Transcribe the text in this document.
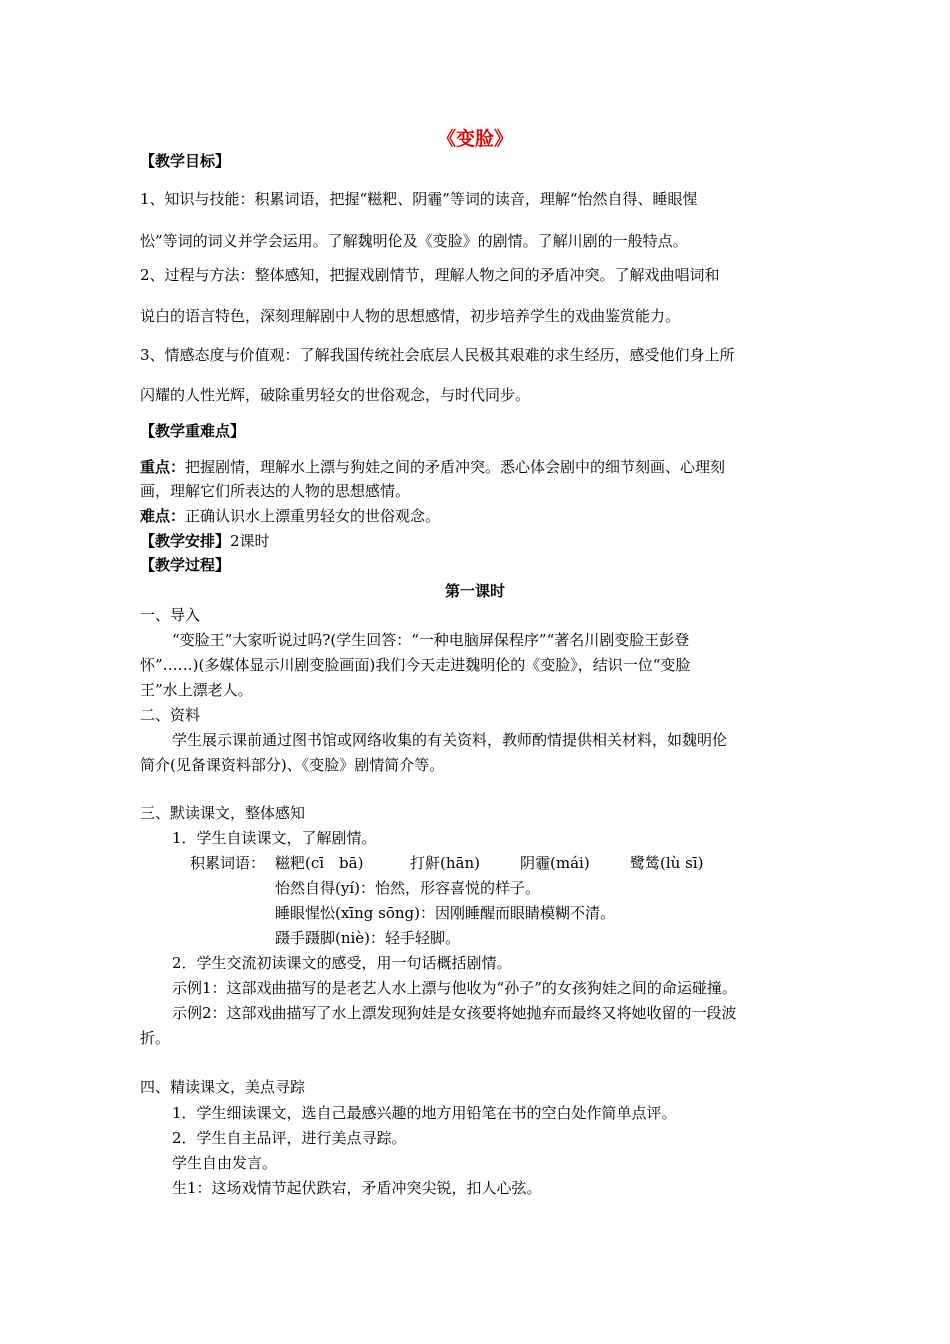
《变脸》
【教学目标】
1、知识与技能：积累词语，把握“糍粑、阴霾”等词的读音，理解“怡然自得、睡眼惺
忪”等词的词义并学会运用。了解魏明伦及《变脸》的剧情。了解川剧的一般特点。
2、过程与方法：整体感知，把握戏剧情节，理解人物之间的矛盾冲突。了解戏曲唱词和
说白的语言特色，深刻理解剧中人物的思想感情，初步培养学生的戏曲鉴赏能力。
3、情感态度与价值观：了解我国传统社会底层人民极其艰难的求生经历，感受他们身上所
闪耀的人性光辉，破除重男轻女的世俗观念，与时代同步。
【教学重难点】
重点：把握剧情，理解水上漂与狗娃之间的矛盾冲突。悉心体会剧中的细节刻画、心理刻
画，理解它们所表达的人物的思想感情。
难点：正确认识水上漂重男轻女的世俗观念。
【教学安排】2课时
【教学过程】
第一课时
一、导入
“变脸王”大家听说过吗?(学生回答：“一种电脑屏保程序”“著名川剧变脸王彭登
怀”……)(多媒体显示川剧变脸画面)我们今天走进魏明伦的《变脸》，结识一位“变脸
王”水上漂老人。
二、资料
学生展示课前通过图书馆或网络收集的有关资料，教师酌情提供相关材料，如魏明伦
简介(见备课资料部分)、《变脸》剧情简介等。
三、默读课文，整体感知
1．学生自读课文，了解剧情。
积累词语： 糍粑(cī　bā)	打鼾(hān)	阴霾(mái)	鹭鸶(lù sī)
怡然自得(yí)：怡然，形容喜悦的样子。
睡眼惺忪(xīng sōng)：因刚睡醒而眼睛模糊不清。
蹑手蹑脚(niè)：轻手轻脚。
2．学生交流初读课文的感受，用一句话概括剧情。
示例1：这部戏曲描写的是老艺人水上漂与他收为“孙子”的女孩狗娃之间的命运碰撞。
示例2：这部戏曲描写了水上漂发现狗娃是女孩要将她抛弃而最终又将她收留的一段波
折。
四、精读课文，美点寻踪
1．学生细读课文，选自己最感兴趣的地方用铅笔在书的空白处作简单点评。
2．学生自主品评，进行美点寻踪。
学生自由发言。
生1：这场戏情节起伏跌宕，矛盾冲突尖锐，扣人心弦。
